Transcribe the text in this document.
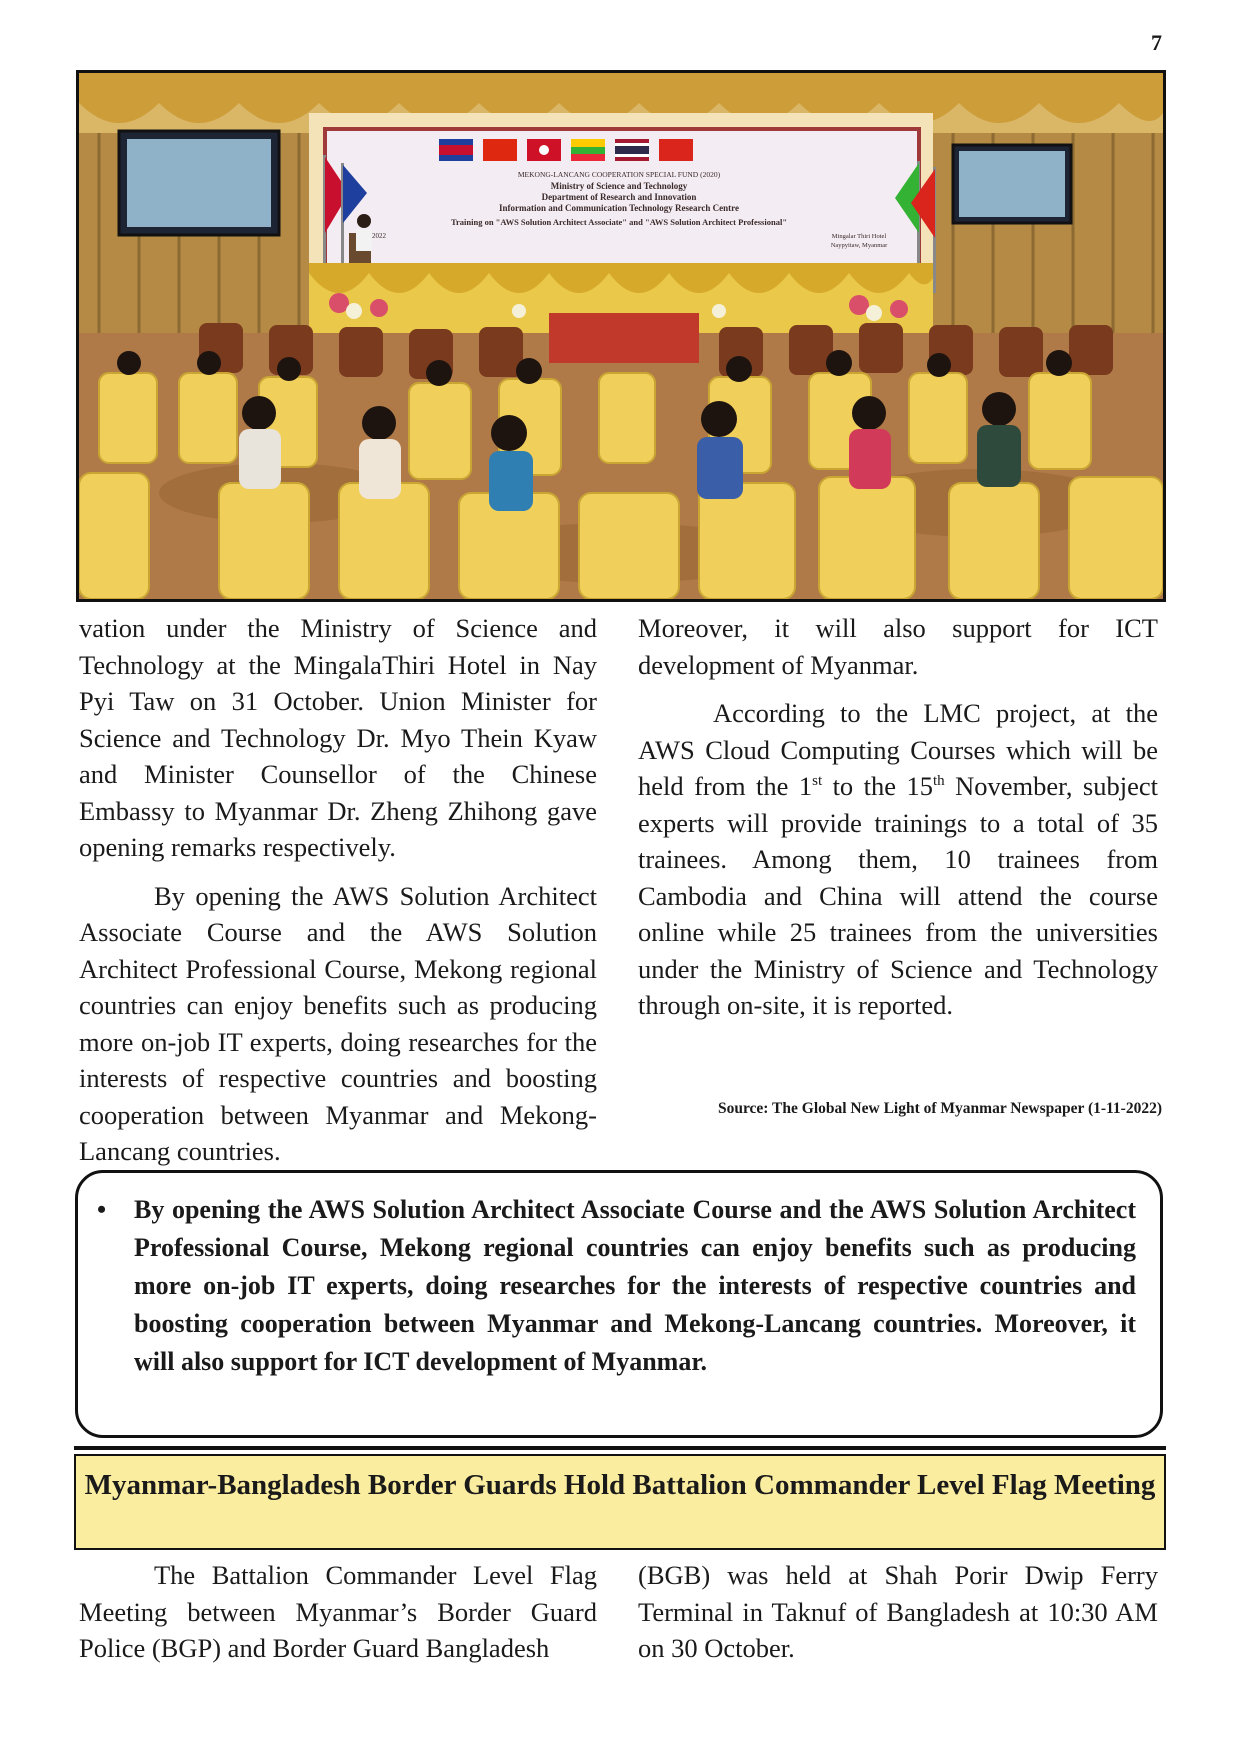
7
MEKONG-LANCANG COOPERATION SPECIAL FUND (2020)
Ministry of Science and Technology
Department of Research and Innovation
Information and Communication Technology Research Centre
Training on "AWS Solution Architect Associate" and "AWS Solution Architect Professional"
2022	Mingalar Thiri Hotel
Naypyitaw, Myanmar

vation under the Ministry of Science and Technology at the MingalaThiri Hotel in Nay Pyi Taw on 31 October. Union Minister for Science and Technology Dr. Myo Thein Kyaw and Minister Counsellor of the Chinese Embassy to Myanmar Dr. Zheng Zhihong gave opening remarks respectively.

By opening the AWS Solution Architect Associate Course and the AWS Solution Architect Professional Course, Mekong regional countries can enjoy benefits such as producing more on-job IT experts, doing researches for the interests of respective countries and boosting cooperation between Myanmar and Mekong-Lancang countries.

Moreover, it will also support for ICT development of Myanmar.

According to the LMC project, at the AWS Cloud Computing Courses which will be held from the 1st to the 15th November, subject experts will provide trainings to a total of 35 trainees. Among them, 10 trainees from Cambodia and China will attend the course online while 25 trainees from the universities under the Ministry of Science and Technology through on-site, it is reported.

Source: The Global New Light of Myanmar Newspaper (1-11-2022)
• By opening the AWS Solution Architect Associate Course and the AWS Solution Architect Professional Course, Mekong regional countries can enjoy benefits such as producing more on-job IT experts, doing researches for the interests of respective countries and boosting cooperation between Myanmar and Mekong-Lancang countries. Moreover, it will also support for ICT development of Myanmar.
Myanmar-Bangladesh Border Guards Hold Battalion Commander Level Flag Meeting

The Battalion Commander Level Flag Meeting between Myanmar’s Border Guard Police (BGP) and Border Guard Bangladesh

(BGB) was held at Shah Porir Dwip Ferry Terminal in Taknuf of Bangladesh at 10:30 AM on 30 October.
